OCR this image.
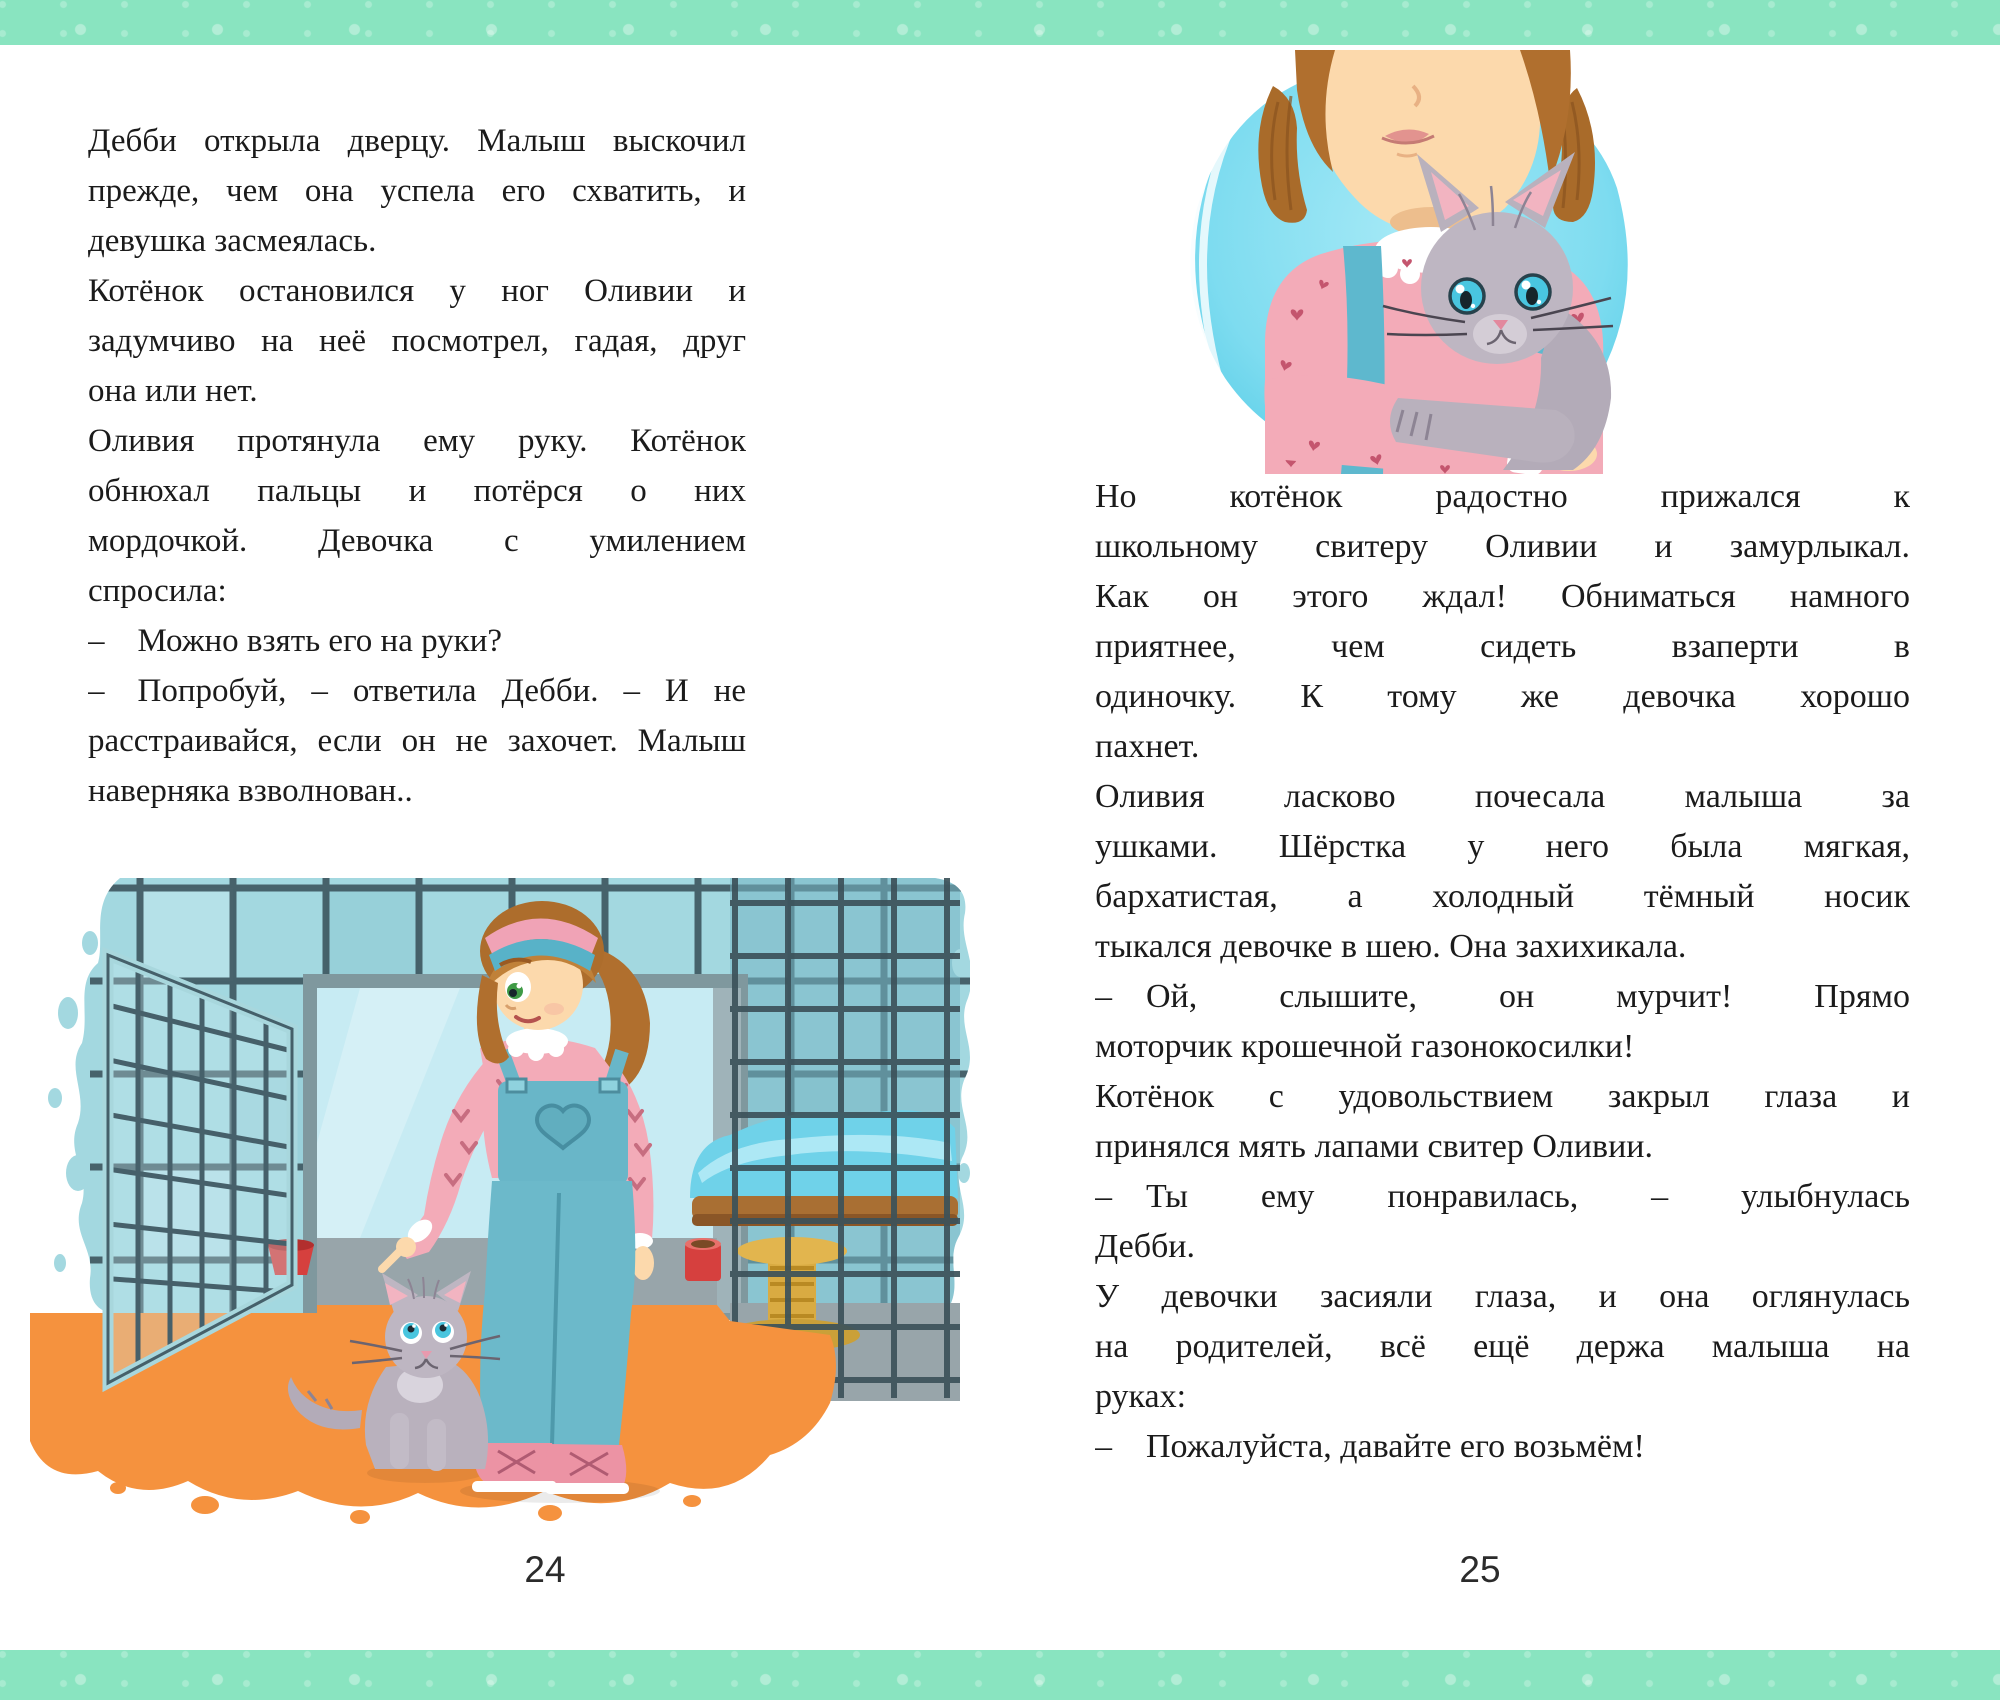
Дебби открыла дверцу. Малыш выскочил
прежде, чем она успела его схватить, и
девушка засмеялась.
Котёнок остановился у ног Оливии и
задумчиво на неё посмотрел, гадая, друг
она или нет.
Оливия протянула ему руку. Котёнок
обнюхал пальцы и потёрся о них
мордочкой. Девочка с умилением
спросила:
– Можно взять его на руки?
– Попробуй, – ответила Дебби. – И не
расстраивайся, если он не захочет. Малыш
наверняка взволнован..
24
Но котёнок радостно прижался к
школьному свитеру Оливии и замурлыкал.
Как он этого ждал! Обниматься намного
приятнее, чем сидеть взаперти в
одиночку. К тому же девочка хорошо
пахнет.
Оливия ласково почесала малыша за
ушками. Шёрстка у него была мягкая,
бархатистая, а холодный тёмный носик
тыкался девочке в шею. Она захихикала.
– Ой, слышите, он мурчит! Прямо
моторчик крошечной газонокосилки!
Котёнок с удовольствием закрыл глаза и
принялся мять лапами свитер Оливии.
– Ты ему понравилась, – улыбнулась
Дебби.
У девочки засияли глаза, и она оглянулась
на родителей, всё ещё держа малыша на
руках:
– Пожалуйста, давайте его возьмём!
25
